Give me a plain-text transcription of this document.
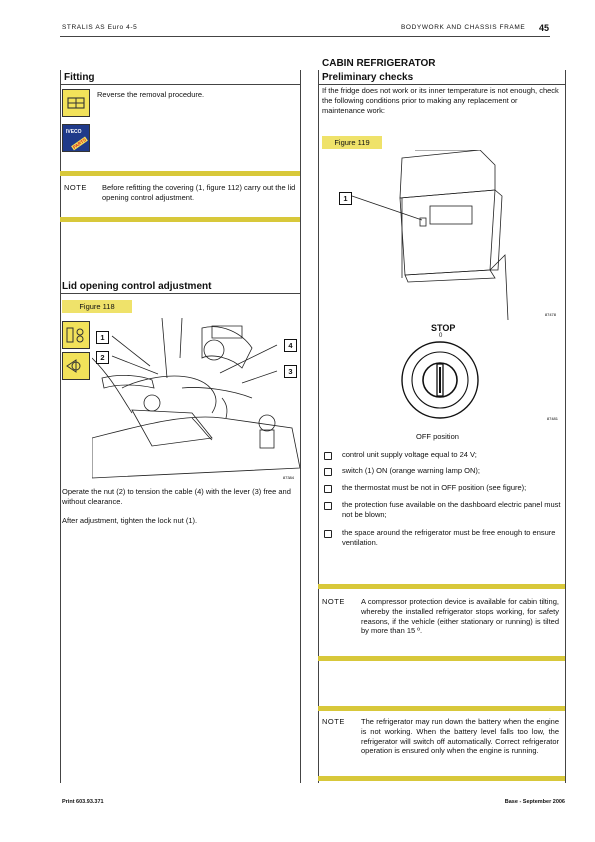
STRALIS AS Euro 4-5	BODYWORK AND CHASSIS FRAME 45
Fitting
Reverse the removal procedure.
IVECO
PARTS
NOTE Before refitting the covering (1, figure 112) carry out the lid opening control adjustment.
Lid opening control adjustment
Figure 118
87384
1
2
4
3
Operate the nut (2) to tension the cable (4) with the lever (3) free and without clearance.
After adjustment, tighten the lock nut (1).
CABIN REFRIGERATOR
Preliminary checks
If the fridge does not work or its inner temperature is not enough, check the following conditions prior to making any replacement or maintenance work:
Figure 119
87478
1
STOP
0
87481
OFF position
control unit supply voltage equal to 24 V;
switch (1) ON (orange warning lamp ON);
the thermostat must be not in OFF position (see figure);
the protection fuse available on the dashboard electric panel must not be blown;
the space around the refrigerator must be free enough to ensure ventilation.
NOTE A compressor protection device is available for cabin tilting, whereby the installed refrigerator stops working, for safety reasons, if the vehicle (either stationary or running) is tilted by more than 15 º.
NOTE The refrigerator may run down the battery when the engine is not working. When the battery level falls too low, the refrigerator will switch off automatically. Correct refrigerator operation is ensured only when the engine is running.
Print 603.93.371	Base - September 2006
